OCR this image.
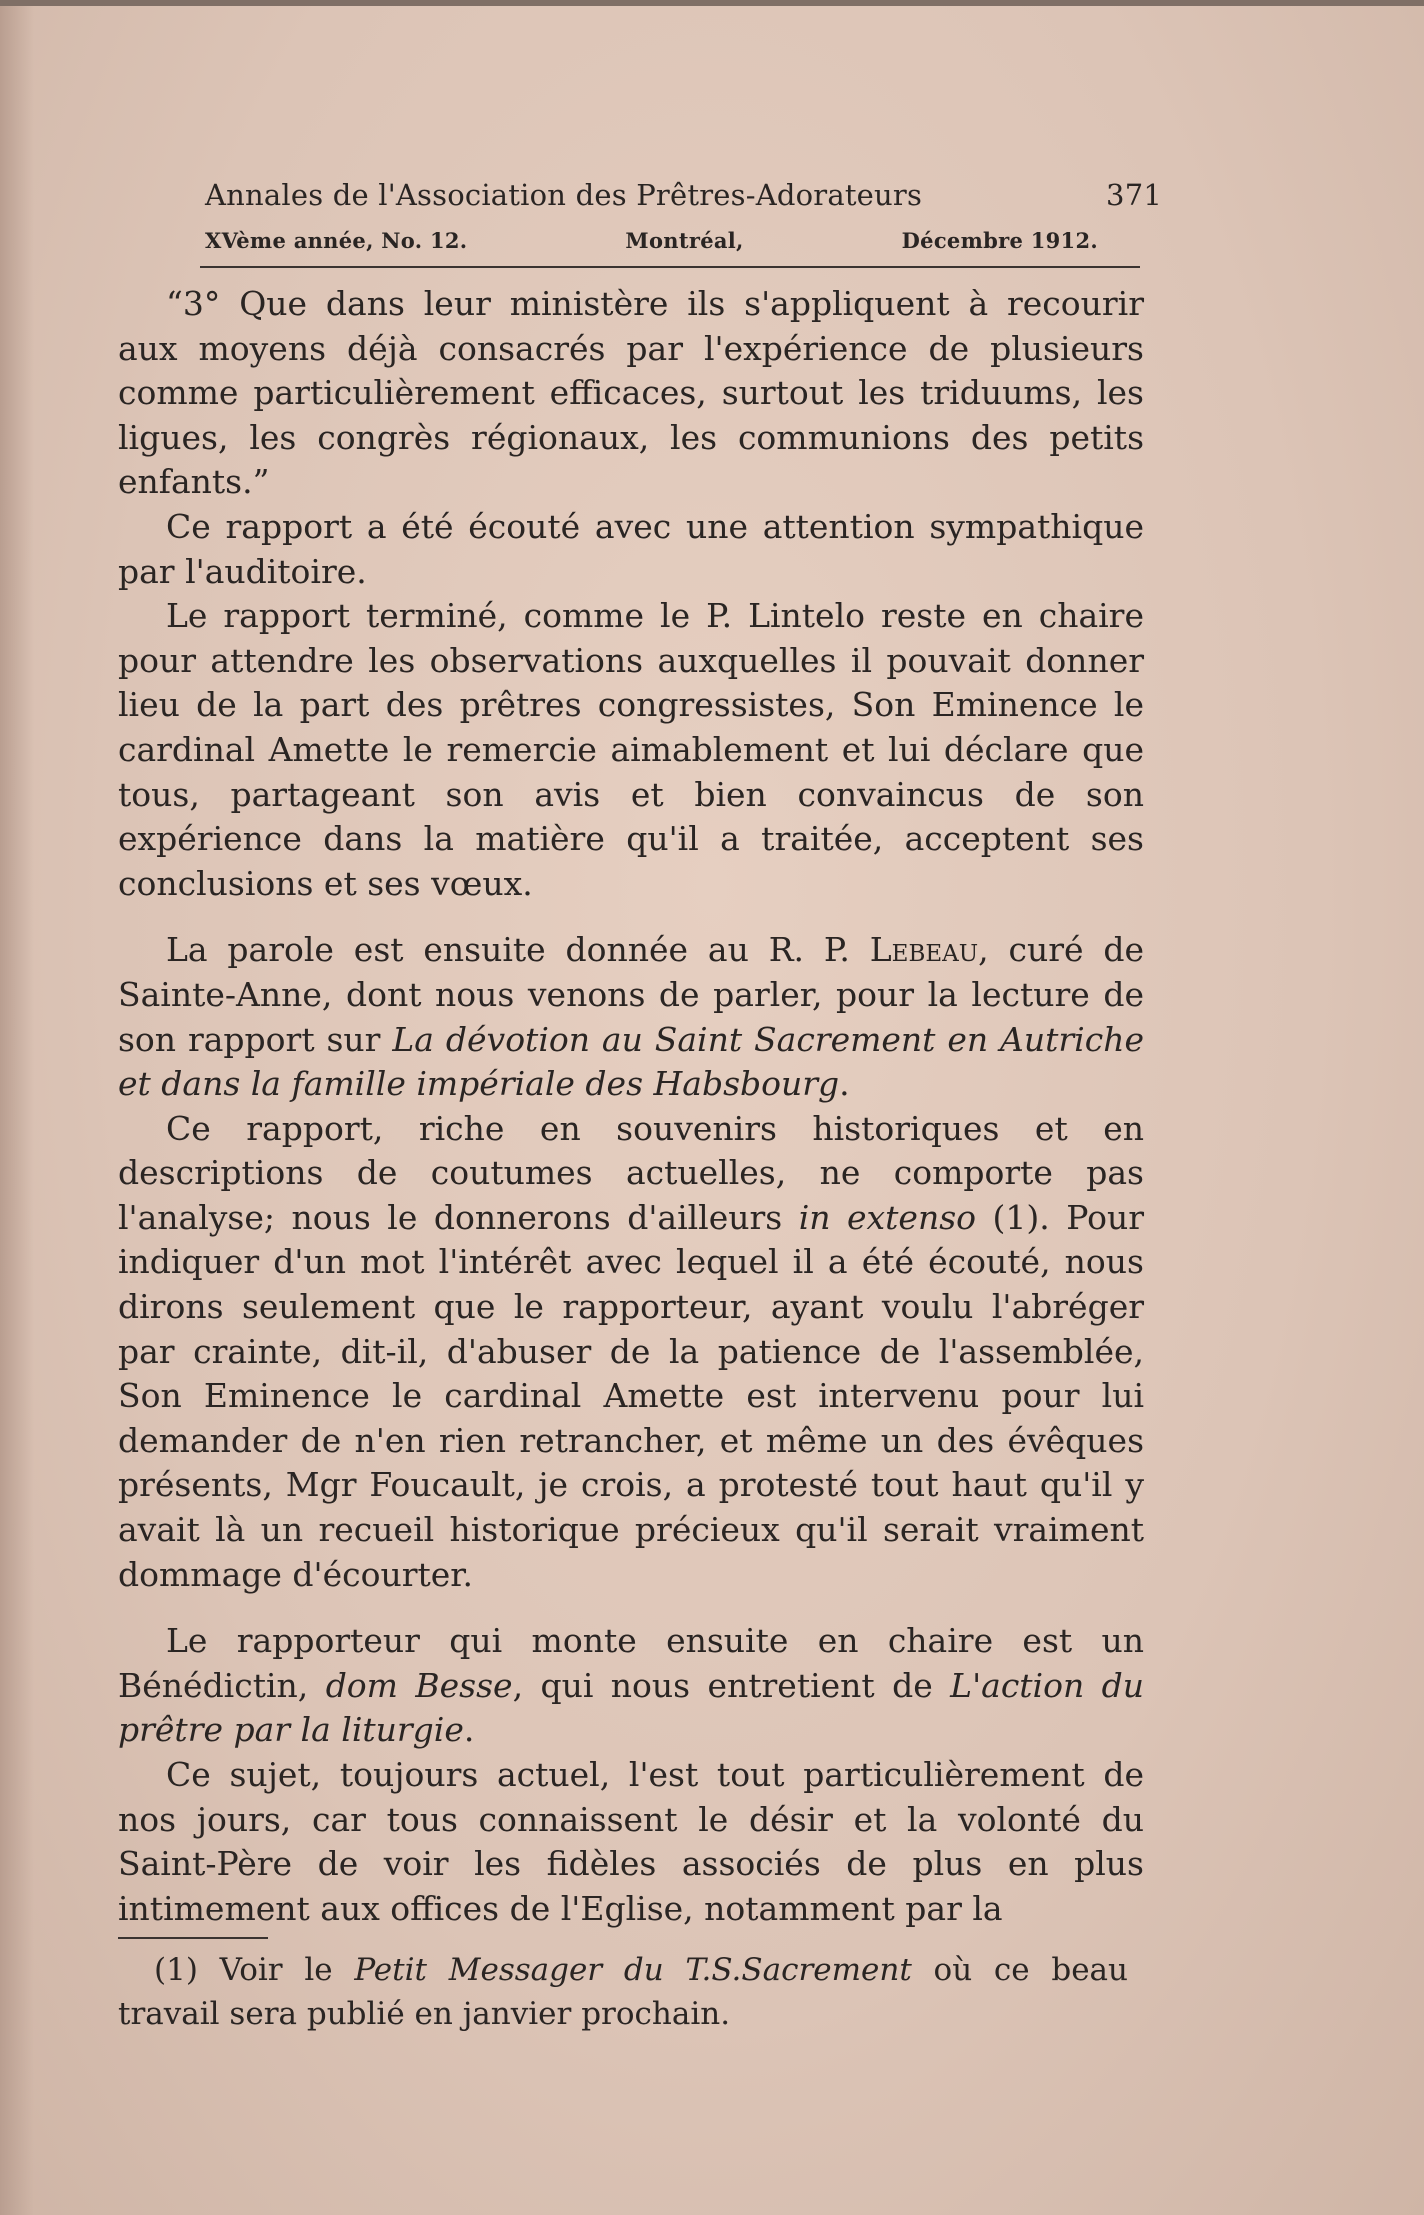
Annales de l'Association des Prêtres-Adorateurs	371
XVème année, No. 12.	Montréal,	Décembre 1912.

“3° Que dans leur ministère ils s'appliquent à recourir aux moyens déjà consacrés par l'expérience de plusieurs comme particulièrement efficaces, surtout les triduums, les ligues, les congrès régionaux, les communions des petits enfants.”

Ce rapport a été écouté avec une attention sympathique par l'auditoire.

Le rapport terminé, comme le P. Lintelo reste en chaire pour attendre les observations auxquelles il pouvait donner lieu de la part des prêtres congressistes, Son Eminence le cardinal Amette le remercie aimablement et lui déclare que tous, partageant son avis et bien convaincus de son expérience dans la matière qu'il a traitée, acceptent ses conclusions et ses vœux.

La parole est ensuite donnée au R. P. Lebeau, curé de Sainte-Anne, dont nous venons de parler, pour la lecture de son rapport sur La dévotion au Saint Sacrement en Autriche et dans la famille impériale des Habsbourg.

Ce rapport, riche en souvenirs historiques et en descriptions de coutumes actuelles, ne comporte pas l'analyse; nous le donnerons d'ailleurs in extenso (1). Pour indiquer d'un mot l'intérêt avec lequel il a été écouté, nous dirons seulement que le rapporteur, ayant voulu l'abréger par crainte, dit-il, d'abuser de la patience de l'assemblée, Son Eminence le cardinal Amette est intervenu pour lui demander de n'en rien retrancher, et même un des évêques présents, Mgr Foucault, je crois, a protesté tout haut qu'il y avait là un recueil historique précieux qu'il serait vraiment dommage d'écourter.

Le rapporteur qui monte ensuite en chaire est un Bénédictin, dom Besse, qui nous entretient de L'action du prêtre par la liturgie.

Ce sujet, toujours actuel, l'est tout particulièrement de nos jours, car tous connaissent le désir et la volonté du Saint-Père de voir les fidèles associés de plus en plus intimement aux offices de l'Eglise, notamment par la

(1) Voir le Petit Messager du T.S.Sacrement où ce beau travail sera publié en janvier prochain.
